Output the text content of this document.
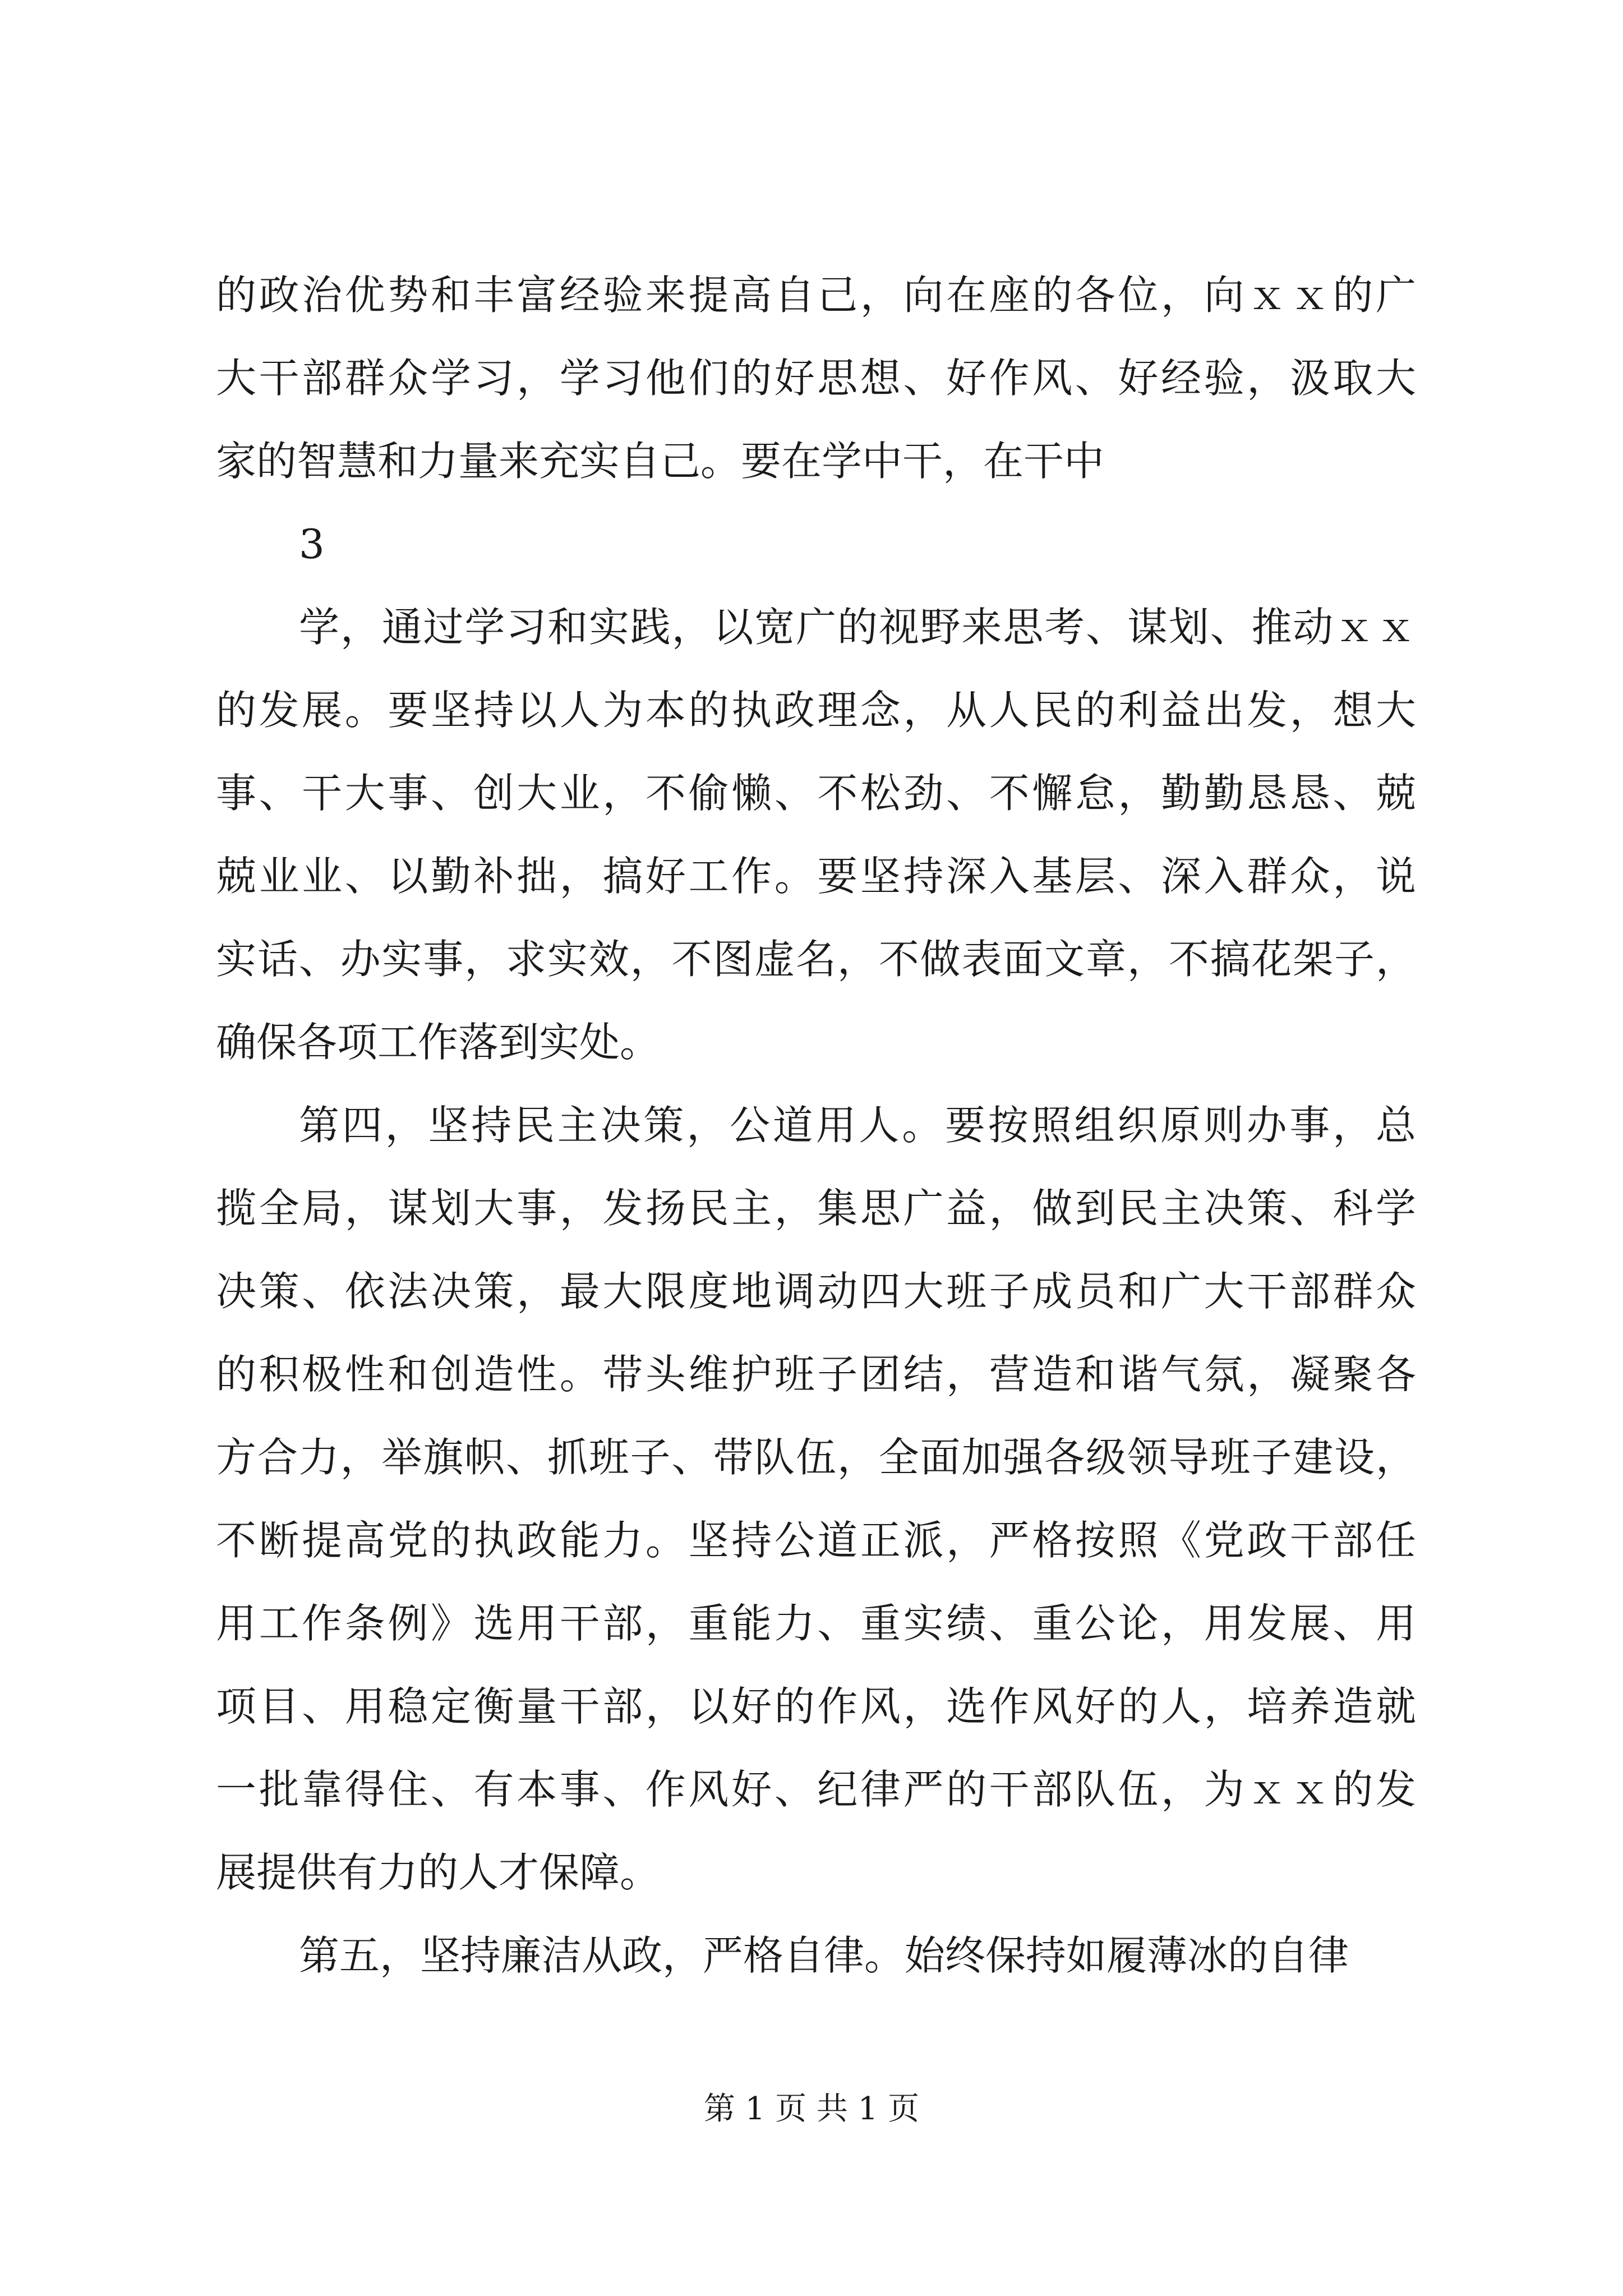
的政治优势和丰富经验来提高自己，向在座的各位，向ｘｘ的广
大干部群众学习，学习他们的好思想、好作风、好经验，汲取大
家的智慧和力量来充实自己。要在学中干，在干中
3
学，通过学习和实践，以宽广的视野来思考、谋划、推动ｘｘ
的发展。要坚持以人为本的执政理念，从人民的利益出发，想大
事、干大事、创大业，不偷懒、不松劲、不懈怠，勤勤恳恳、兢
兢业业、以勤补拙，搞好工作。要坚持深入基层、深入群众，说
实话、办实事，求实效，不图虚名，不做表面文章，不搞花架子，
确保各项工作落到实处。
第四，坚持民主决策，公道用人。要按照组织原则办事，总
揽全局，谋划大事，发扬民主，集思广益，做到民主决策、科学
决策、依法决策，最大限度地调动四大班子成员和广大干部群众
的积极性和创造性。带头维护班子团结，营造和谐气氛，凝聚各
方合力，举旗帜、抓班子、带队伍，全面加强各级领导班子建设，
不断提高党的执政能力。坚持公道正派，严格按照《党政干部任
用工作条例》选用干部，重能力、重实绩、重公论，用发展、用
项目、用稳定衡量干部，以好的作风，选作风好的人，培养造就
一批靠得住、有本事、作风好、纪律严的干部队伍，为ｘｘ的发
展提供有力的人才保障。
第五，坚持廉洁从政，严格自律。始终保持如履薄冰的自律
第 1 页 共 1 页
